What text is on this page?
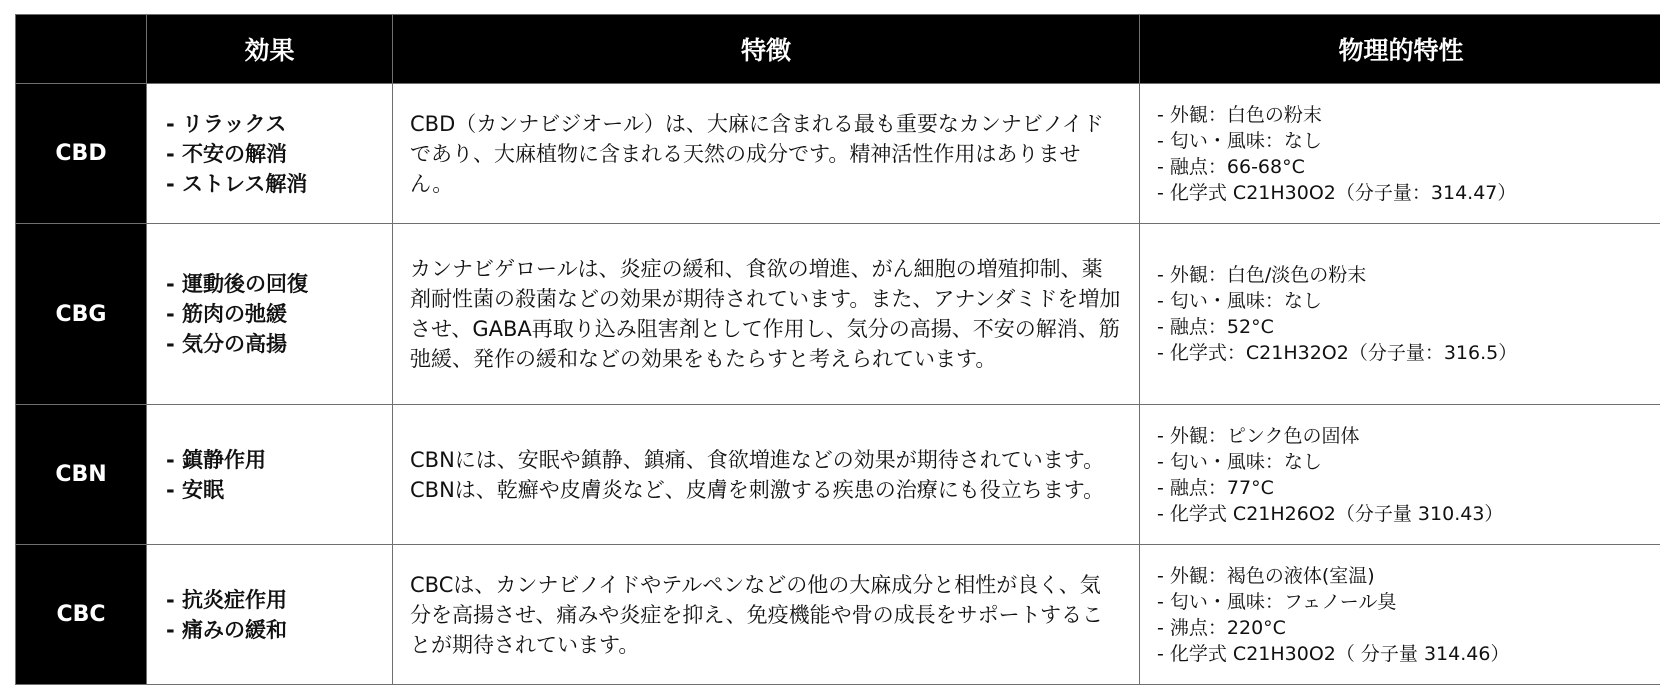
	効果	特徴	物理的特性
CBD	- リラックス
- 不安の解消
- ストレス解消	CBD（カンナビジオール）は、大麻に含まれる最も重要なカンナビノイドであり、大麻植物に含まれる天然の成分です。精神活性作用はありません。	- 外観：白色の粉末
- 匂い・風味：なし
- 融点：66-68°C
- 化学式 C21H30O2（分子量：314.47）

CBG	- 運動後の回復
- 筋肉の弛緩
- 気分の高揚	カンナビゲロールは、炎症の緩和、食欲の増進、がん細胞の増殖抑制、薬剤耐性菌の殺菌などの効果が期待されています。また、アナンダミドを増加させ、GABA再取り込み阻害剤として作用し、気分の高揚、不安の解消、筋弛緩、発作の緩和などの効果をもたらすと考えられています。	- 外観：白色/淡色の粉末
- 匂い・風味：なし
- 融点：52°C
- 化学式：C21H32O2（分子量：316.5）

CBN	- 鎮静作用
- 安眠	CBNには、安眠や鎮静、鎮痛、食欲増進などの効果が期待されています。CBNは、乾癬や皮膚炎など、皮膚を刺激する疾患の治療にも役立ちます。	- 外観：ピンク色の固体
- 匂い・風味：なし
- 融点：77°C
- 化学式 C21H26O2（分子量 310.43）

CBC	- 抗炎症作用
- 痛みの緩和	CBCは、カンナビノイドやテルペンなどの他の大麻成分と相性が良く、気分を高揚させ、痛みや炎症を抑え、免疫機能や骨の成長をサポートすることが期待されています。	- 外観：褐色の液体(室温)
- 匂い・風味：フェノール臭
- 沸点：220°C
- 化学式 C21H30O2（ 分子量 314.46）
